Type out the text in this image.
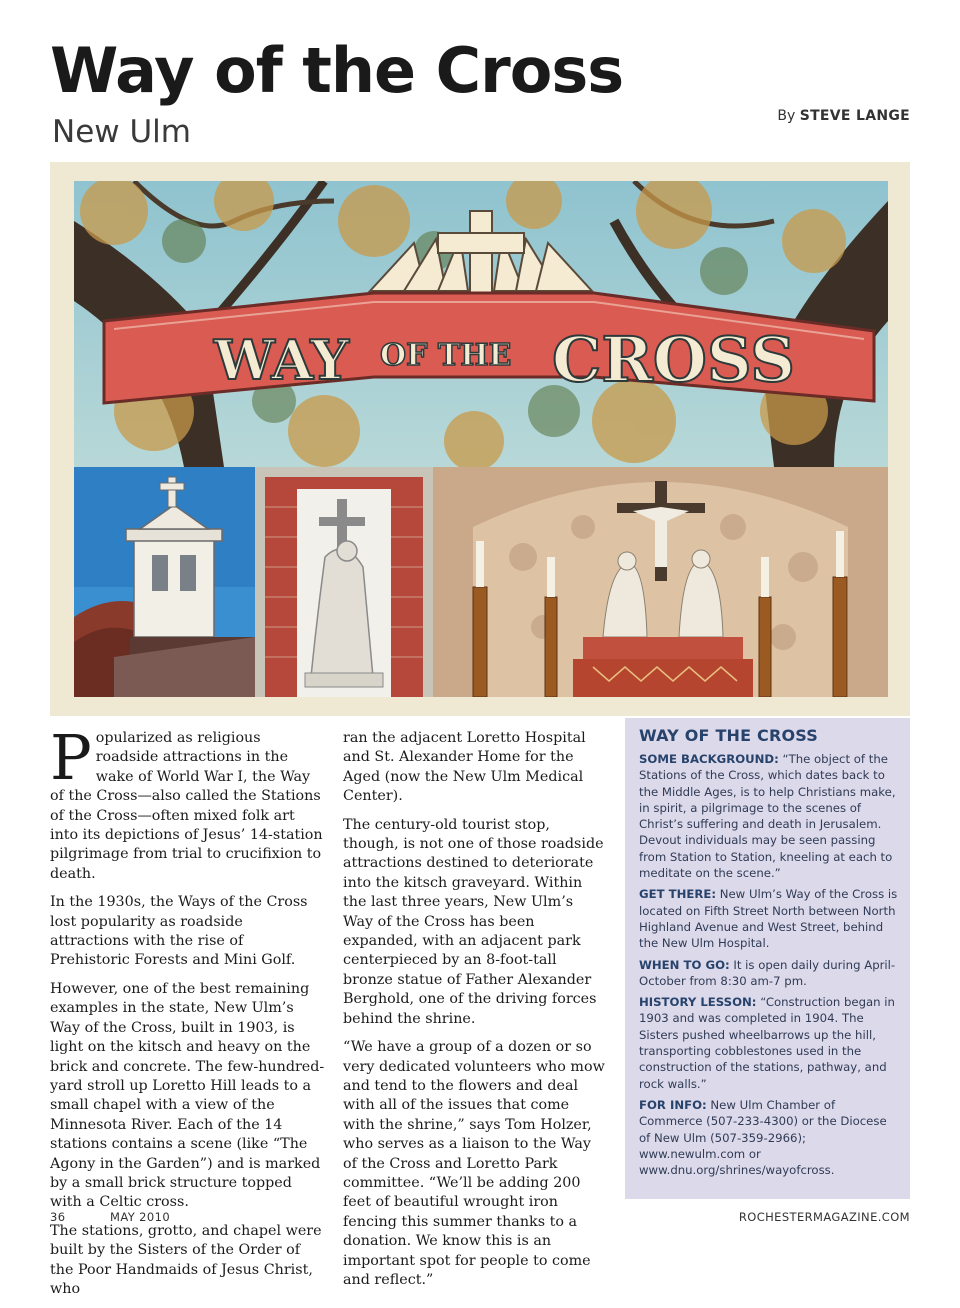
Way of the Cross
New Ulm	By STEVE LANGE
WAY OF THE CROSS

Popularized as religious roadside attractions in the wake of World War I, the Way of the Cross—also called the Stations of the Cross—often mixed folk art into its depictions of Jesus’ 14-station pilgrimage from trial to crucifixion to death.

In the 1930s, the Ways of the Cross lost popularity as roadside attractions with the rise of Prehistoric Forests and Mini Golf.

However, one of the best remaining examples in the state, New Ulm’s Way of the Cross, built in 1903, is light on the kitsch and heavy on the brick and concrete. The few-hundred-yard stroll up Loretto Hill leads to a small chapel with a view of the Minnesota River. Each of the 14 stations contains a scene (like “The Agony in the Garden”) and is marked by a small brick structure topped with a Celtic cross.

The stations, grotto, and chapel were built by the Sisters of the Order of the Poor Handmaids of Jesus Christ, who

ran the adjacent Loretto Hospital and St. Alexander Home for the Aged (now the New Ulm Medical Center).

The century-old tourist stop, though, is not one of those roadside attractions destined to deteriorate into the kitsch graveyard. Within the last three years, New Ulm’s Way of the Cross has been expanded, with an adjacent park centerpieced by an 8-foot-tall bronze statue of Father Alexander Berghold, one of the driving forces behind the shrine.

“We have a group of a dozen or so very dedicated volunteers who mow and tend to the flowers and deal with all of the issues that come with the shrine,” says Tom Holzer, who serves as a liaison to the Way of the Cross and Loretto Park committee. “We’ll be adding 200 feet of beautiful wrought iron fencing this summer thanks to a donation. We know this is an important spot for people to come and reflect.”

WAY OF THE CROSS

SOME BACKGROUND: “The object of the Stations of the Cross, which dates back to the Middle Ages, is to help Christians make, in spirit, a pilgrimage to the scenes of Christ’s suffering and death in Jerusalem. Devout individuals may be seen passing from Station to Station, kneeling at each to meditate on the scene.”

GET THERE: New Ulm’s Way of the Cross is located on Fifth Street North between North Highland Avenue and West Street, behind the New Ulm Hospital.

WHEN TO GO: It is open daily during April-October from 8:30 am-7 pm.

HISTORY LESSON: “Construction began in 1903 and was completed in 1904. The Sisters pushed wheelbarrows up the hill, transporting cobblestones used in the construction of the stations, pathway, and rock walls.”

FOR INFO: New Ulm Chamber of Commerce (507-233-4300) or the Diocese of New Ulm (507-359-2966); www.newulm.com or www.dnu.org/shrines/wayofcross.

36	MAY 2010	ROCHESTERMAGAZINE.COM
